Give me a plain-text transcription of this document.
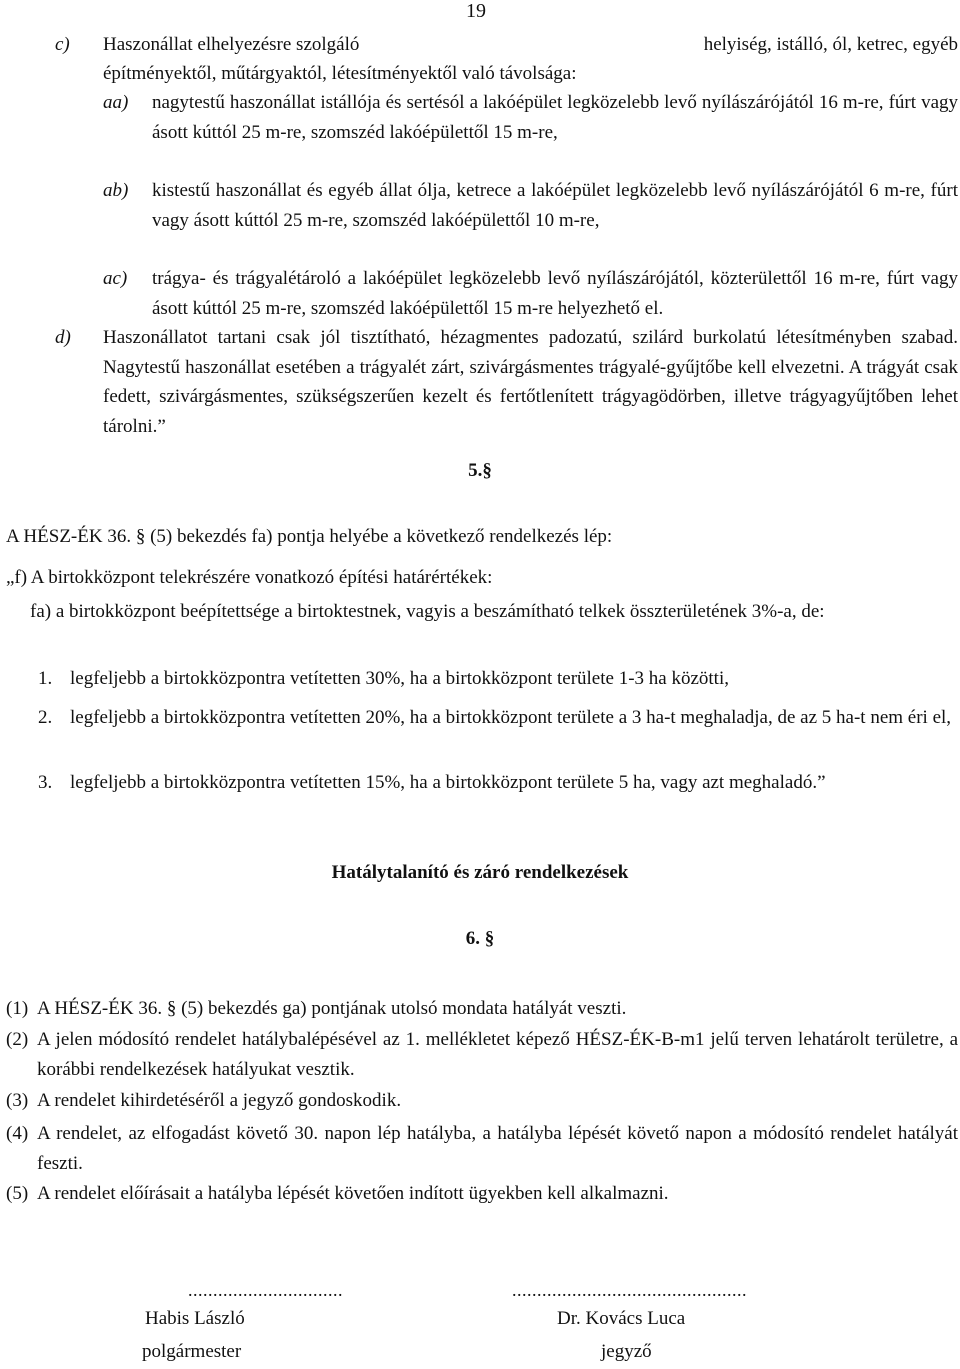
19
c) Haszonállat elhelyezésre szolgáló	helyiség, istálló, ól, ketrec, egyéb
építményektől, műtárgyaktól, létesítményektől való távolsága:
aa) nagytestű haszonállat istállója és sertésól a lakóépület legközelebb levő nyílászárójától 16 m-re, fúrt vagy ásott kúttól 25 m-re, szomszéd lakóépülettől 15 m-re,
ab) kistestű haszonállat és egyéb állat ólja, ketrece a lakóépület legközelebb levő nyílászárójától 6 m-re, fúrt vagy ásott kúttól 25 m-re, szomszéd lakóépülettől 10 m-re,
ac) trágya- és trágyalétároló a lakóépület legközelebb levő nyílászárójától, közterülettől 16 m-re, fúrt vagy ásott kúttól 25 m-re, szomszéd lakóépülettől 15 m-re helyezhető el.
d) Haszonállatot tartani csak jól tisztítható, hézagmentes padozatú, szilárd burkolatú létesítményben szabad. Nagytestű haszonállat esetében a trágyalét zárt, szivárgásmentes trágyalé-gyűjtőbe kell elvezetni. A trágyát csak fedett, szivárgásmentes, szükségszerűen kezelt és fertőtlenített trágyagödörben, illetve trágyagyűjtőben lehet tárolni.”
5.§
A HÉSZ-ÉK 36. § (5) bekezdés fa) pontja helyébe a következő rendelkezés lép:
„f) A birtokközpont telekrészére vonatkozó építési határértékek:
fa) a birtokközpont beépítettsége a birtoktestnek, vagyis a beszámítható telkek összterületének 3%-a, de:
1. legfeljebb a birtokközpontra vetítetten 30%, ha a birtokközpont területe 1-3 ha közötti,
2. legfeljebb a birtokközpontra vetítetten 20%, ha a birtokközpont területe a 3 ha-t meghaladja, de az 5 ha-t nem éri el,
3. legfeljebb a birtokközpontra vetítetten 15%, ha a birtokközpont területe 5 ha, vagy azt meghaladó.”
Hatálytalanító és záró rendelkezések
6. §
(1) A HÉSZ-ÉK 36. § (5) bekezdés ga) pontjának utolsó mondata hatályát veszti.
(2) A jelen módosító rendelet hatálybalépésével az 1. mellékletet képező HÉSZ-ÉK-B-m1 jelű terven lehatárolt területre, a korábbi rendelkezések hatályukat vesztik.
(3) A rendelet kihirdetéséről a jegyző gondoskodik.
(4) A rendelet, az elfogadást követő 30. napon lép hatályba, a hatályba lépését követő napon a módosító rendelet hatályát feszti.
(5) A rendelet előírásait a hatályba lépését követően indított ügyekben kell alkalmazni.
...............................
Habis László
polgármester
...............................................
Dr. Kovács Luca
jegyző
